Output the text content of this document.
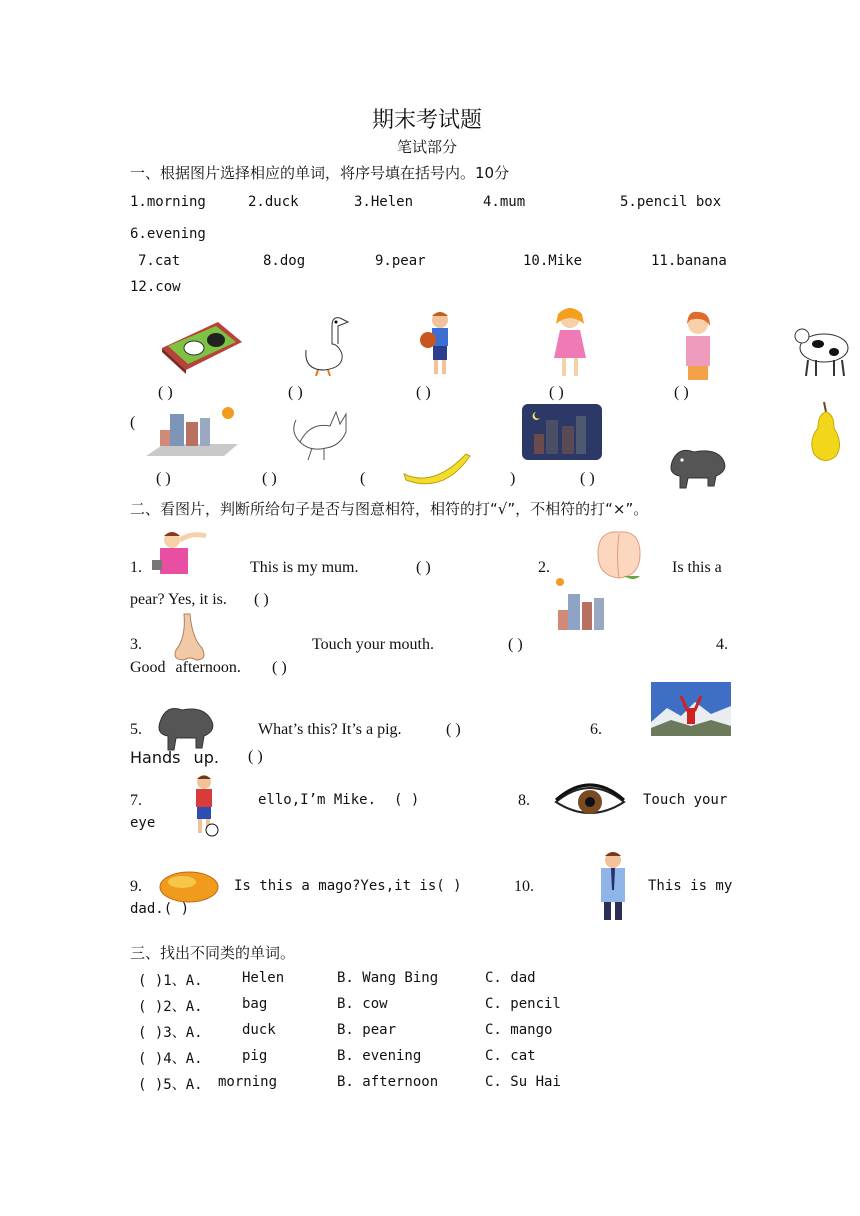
期末考试题
笔试部分
一、根据图片选择相应的单词，将序号填在括号内。10分
1.morning	2.duck	3.Helen	4.mum	5.pencil box
6.evening
7.cat	8.dog	9.pear	10.Mike	11.banana
12.cow
( )	( )	( )	( )	( )
(
( )	( )	(	)	( )
二、看图片，判断所给句子是否与图意相符，相符的打“√”，不相符的打“×”。
1.	This is my mum.	( )	2.	Is this a
pear? Yes, it is. ( )
3.	Touch your mouth.	( )	4.
Good afternoon. ( )
5.	What’s this? It’s a pig.	( )	6.
Hands up. ( )
7.	ello,I’m Mike. ( )	8.	Touch your
eye
9.	Is this a mago?Yes,it is( )	10.	This is my
dad.( )
三、找出不同类的单词。
( )1、A.	Helen	B. Wang Bing	C. dad
( )2、A.	bag	B. cow	C. pencil
( )3、A.	duck	B. pear	C. mango
( )4、A.	pig	B. evening	C. cat
( )5、A. morning	B. afternoon	C. Su Hai
